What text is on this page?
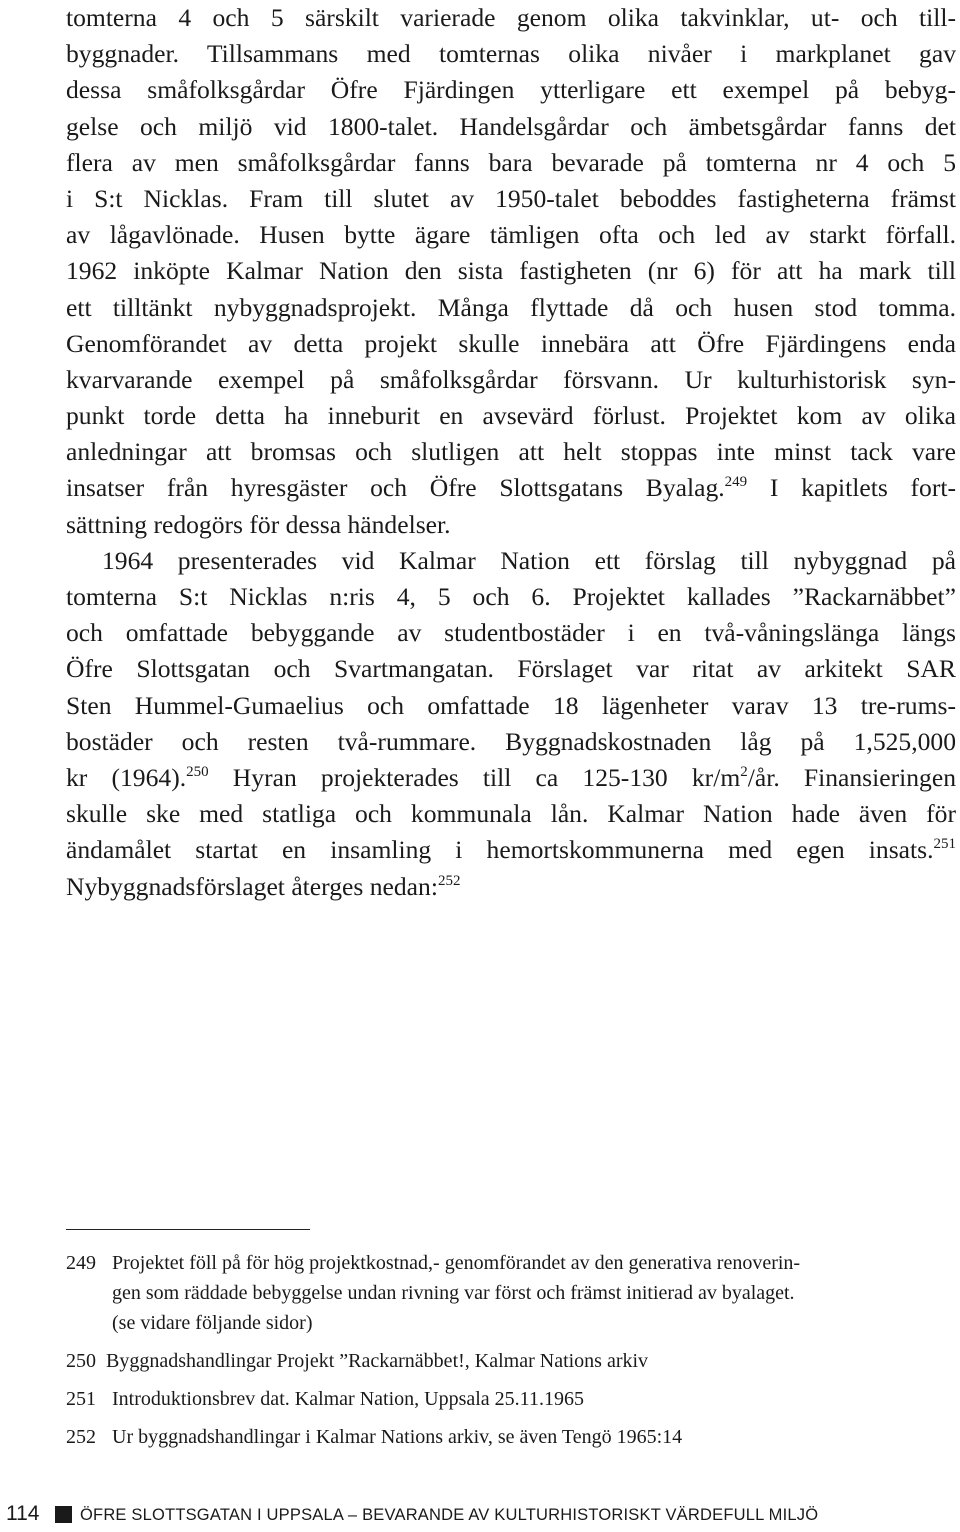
tomterna 4 och 5 särskilt varierade genom olika takvinklar, ut- och till-
byggnader. Tillsammans med tomternas olika nivåer i markplanet gav
dessa småfolksgårdar Öfre Fjärdingen ytterligare ett exempel på bebyg-
gelse och miljö vid 1800-talet. Handelsgårdar och ämbetsgårdar fanns det
flera av men småfolksgårdar fanns bara bevarade på tomterna nr 4 och 5
i S:t Nicklas. Fram till slutet av 1950-talet beboddes fastigheterna främst
av lågavlönade. Husen bytte ägare tämligen ofta och led av starkt förfall.
1962 inköpte Kalmar Nation den sista fastigheten (nr 6) för att ha mark till
ett tilltänkt nybyggnadsprojekt. Många flyttade då och husen stod tomma.
Genomförandet av detta projekt skulle innebära att Öfre Fjärdingens enda
kvarvarande exempel på småfolksgårdar försvann. Ur kulturhistorisk syn-
punkt torde detta ha inneburit en avsevärd förlust. Projektet kom av olika
anledningar att bromsas och slutligen att helt stoppas inte minst tack vare
insatser från hyresgäster och Öfre Slottsgatans Byalag.$^{249}$ I kapitlets fort-
sättning redogörs för dessa händelser.
1964 presenterades vid Kalmar Nation ett förslag till nybyggnad på
tomterna S:t Nicklas n:ris 4, 5 och 6. Projektet kallades ”Rackarnäbbet”
och omfattade bebyggande av studentbostäder i en två-våningslänga längs
Öfre Slottsgatan och Svartmangatan. Förslaget var ritat av arkitekt SAR
Sten Hummel-Gumaelius och omfattade 18 lägenheter varav 13 tre-rums-
bostäder och resten två-rummare. Byggnadskostnaden låg på 1,525,000
kr (1964).$^{250}$ Hyran projekterades till ca 125-130 $kr/m^2/år$. Finansieringen
skulle ske med statliga och kommunala lån. Kalmar Nation hade även för
ändamålet startat en insamling i hemortskommunerna med egen insats.$^{251}$
Nybyggnadsförslaget återges nedan:$^{252}$
249 Projektet föll på för hög projektkostnad,- genomförandet av den generativa renoverin-
gen som räddade bebyggelse undan rivning var först och främst initierad av byalaget.
(se vidare följande sidor)
250 Byggnadshandlingar Projekt ”Rackarnäbbet!, Kalmar Nations arkiv
251 Introduktionsbrev dat. Kalmar Nation, Uppsala 25.11.1965
252 Ur byggnadshandlingar i Kalmar Nations arkiv, se även Tengö 1965:14
114 ÖFRE SLOTTSGATAN I UPPSALA – BEVARANDE AV KULTURHISTORISKT VÄRDEFULL MILJÖ
